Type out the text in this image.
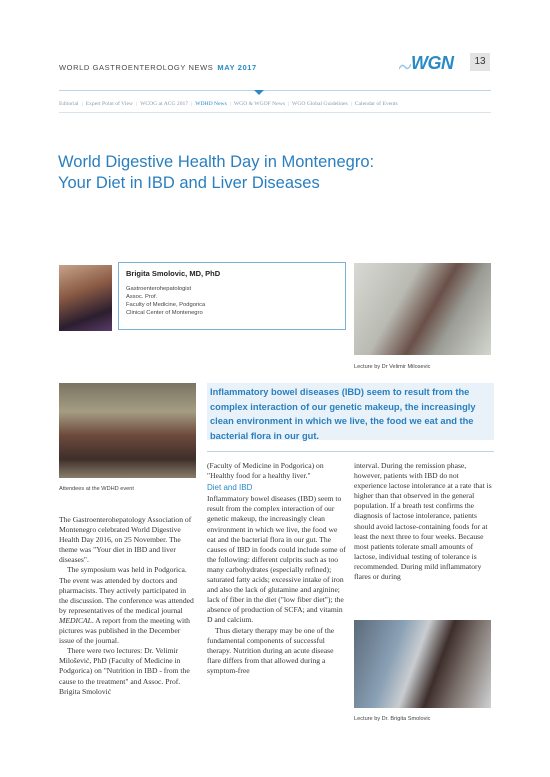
WORLD GASTROENTEROLOGY NEWS MAY 2017	WGN	13
Editorial | Expert Point of View | WCOG at ACG 2017 | WDHD News | WGO & WGOF News | WGO Global Guidelines | Calendar of Events
World Digestive Health Day in Montenegro:
Your Diet in IBD and Liver Diseases
Brigita Smolovic, MD, PhD
Gastroenterohepatologist
Assoc. Prof.
Faculty of Medicine, Podgorica
Clinical Center of Montenegro
Lecture by Dr Velimir Milosevic
Attendees at the WDHD event
Inflammatory bowel diseases (IBD) seem to result from the complex interaction of our genetic makeup, the increasingly clean environment in which we live, the food we eat and the bacterial flora in our gut.

The Gastroenterohepatology Association of Montenegro celebrated World Digestive Health Day 2016, on 25 November. The theme was "Your diet in IBD and liver diseases".

The symposium was held in Podgorica. The event was attended by doctors and pharmacists. They actively participated in the discussion. The conference was attended by representatives of the medical journal MEDICAL. A report from the meeting with pictures was published in the December issue of the journal.

There were two lectures: Dr. Velimir Milošević, PhD (Faculty of Medicine in Podgorica) on "Nutrition in IBD - from the cause to the treatment" and Assoc. Prof. Brigita Smolović

(Faculty of Medicine in Podgorica) on "Healthy food for a healthy liver."

Diet and IBD

Inflammatory bowel diseases (IBD) seem to result from the complex interaction of our genetic makeup, the increasingly clean environment in which we live, the food we eat and the bacterial flora in our gut. The causes of IBD in foods could include some of the following: different culprits such as too many carbohydrates (especially refined); saturated fatty acids; excessive intake of iron and also the lack of glutamine and arginine; lack of fiber in the diet ("low fiber diet"); the absence of production of SCFA; and vitamin D and calcium.

Thus dietary therapy may be one of the fundamental components of successful therapy. Nutrition during an acute disease flare differs from that allowed during a symptom-free

interval. During the remission phase, however, patients with IBD do not experience lactose intolerance at a rate that is higher than that observed in the general population. If a breath test confirms the diagnosis of lactose intolerance, patients should avoid lactose-containing foods for at least the next three to four weeks. Because most patients tolerate small amounts of lactose, individual testing of tolerance is recommended. During mild inflammatory flares or during

Lecture by Dr. Brigita Smolovic
